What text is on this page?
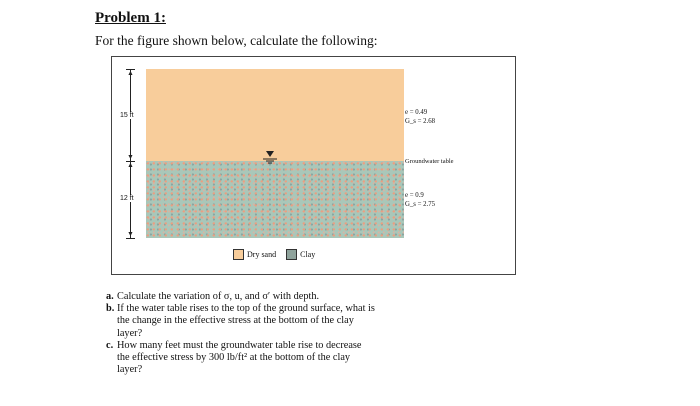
Problem 1:
For the figure shown below, calculate the following:
▲
▼
▲
▼
15 ft
12 ft
e = 0.49
G_s = 2.68
Groundwater table
e = 0.9
G_s = 2.75
Dry sand	Clay
a. Calculate the variation of σ, u, and σ′ with depth.
b. If the water table rises to the top of the ground surface, what is the change in the effective stress at the bottom of the clay layer?
c. How many feet must the groundwater table rise to decrease the effective stress by 300 lb/ft² at the bottom of the clay layer?
